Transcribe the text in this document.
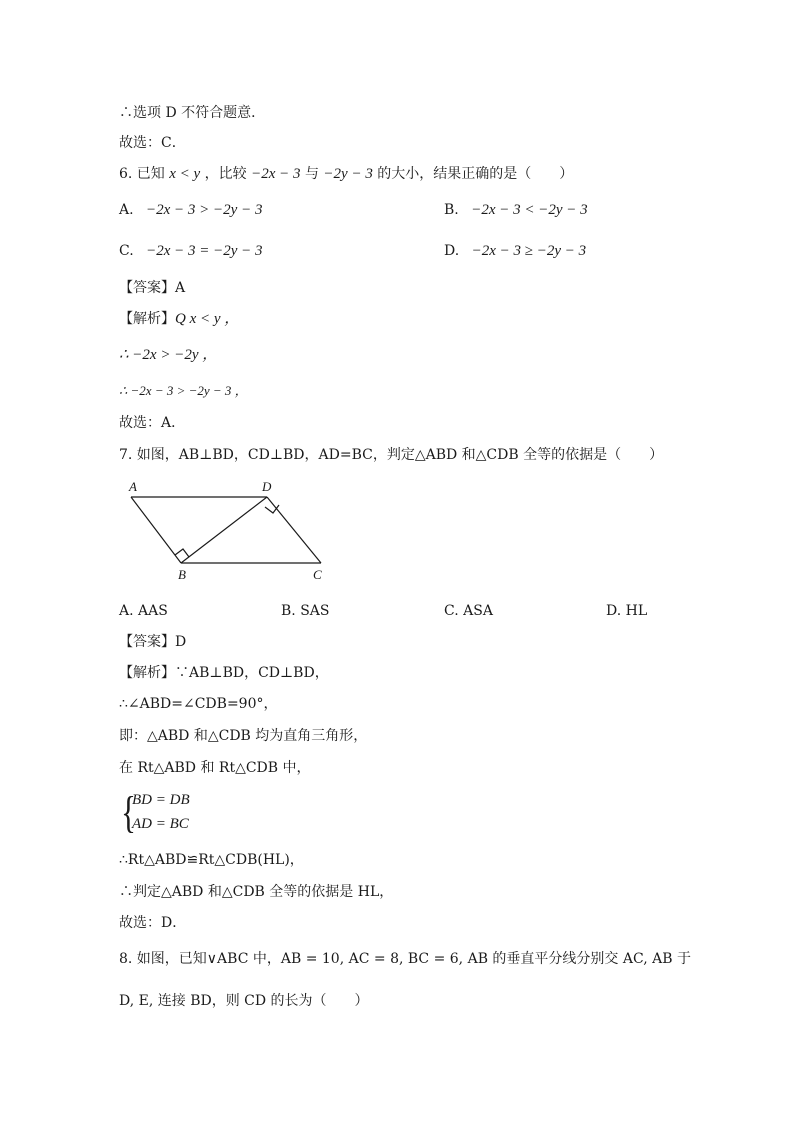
∴选项 D 不符合题意．
故选：C．
6. 已知 x < y ，比较 −2x − 3 与 −2y − 3 的大小，结果正确的是（　　）
A. −2x − 3 > −2y − 3	B. −2x − 3 < −2y − 3
C. −2x − 3 = −2y − 3	D. −2x − 3 ≥ −2y − 3
【答案】A
【解析】Q x < y ，
∴ −2x > −2y ，
∴ −2x − 3 > −2y − 3 ，
故选：A．
7. 如图，AB⊥BD，CD⊥BD，AD=BC，判定△ABD 和△CDB 全等的依据是（　　）
A	D
B	C
A. AAS	B. SAS	C. ASA	D. HL
【答案】D
【解析】∵AB⊥BD，CD⊥BD，
∴∠ABD=∠CDB=90°，
即：△ABD 和△CDB 均为直角三角形，
在 Rt△ABD 和 Rt△CDB 中，
{
BD = DB
AD = BC
∴Rt△ABD≌Rt△CDB(HL)，
∴判定△ABD 和△CDB 全等的依据是 HL，
故选：D．
8. 如图，已知∨ABC 中，AB = 10, AC = 8, BC = 6, AB 的垂直平分线分别交 AC, AB 于
D, E, 连接 BD，则 CD 的长为（　　）
